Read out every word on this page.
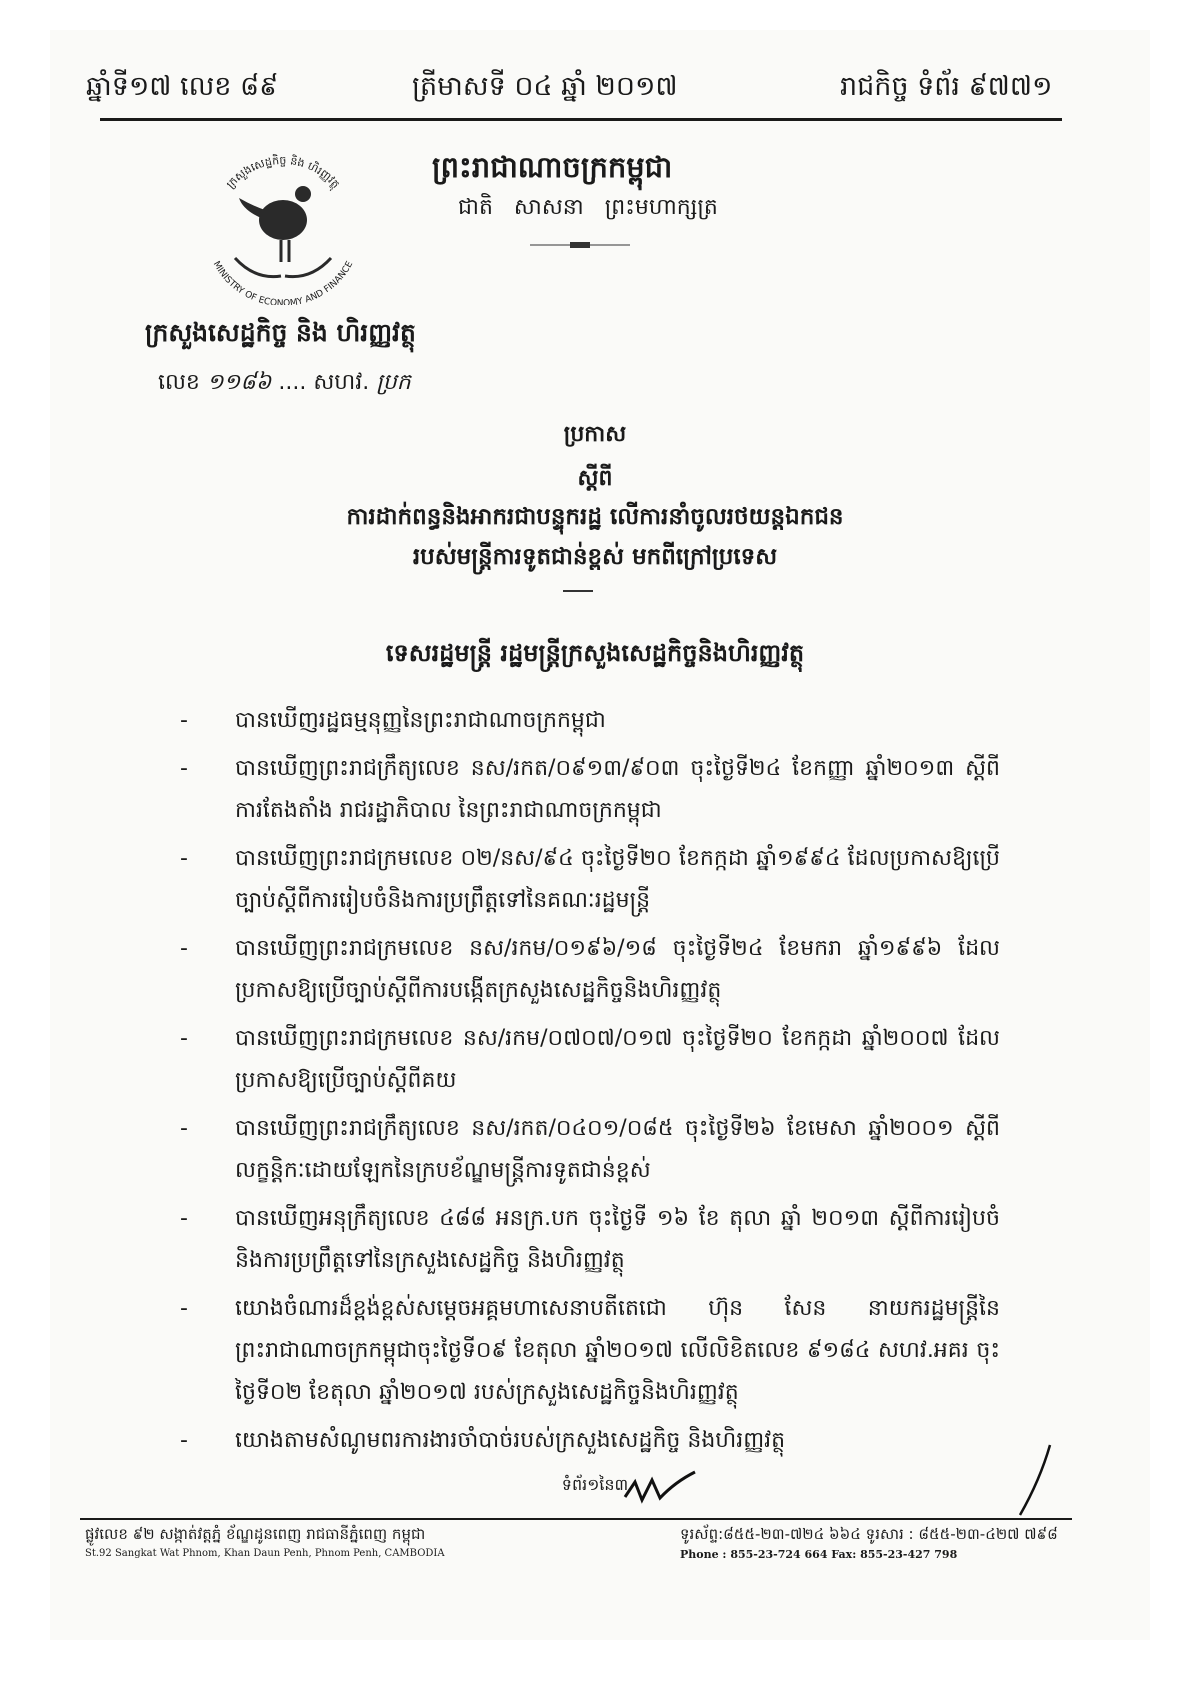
ឆ្នាំទី១៧ លេខ ៨៩	ត្រីមាសទី ០៤ ឆ្នាំ ២០១៧	រាជកិច្ច ទំព័រ ៩៧៧១
ក្រសួងសេដ្ឋកិច្ច និង ហិរញ្ញវត្ថុ
MINISTRY OF ECONOMY AND FINANCE
ព្រះរាជាណាចក្រកម្ពុជា
ជាតិ សាសនា ព្រះមហាក្សត្រ
ក្រសួងសេដ្ឋកិច្ច និង ហិរញ្ញវត្ថុ
លេខ ១១៨៦ .... សហវ. ប្រក
ប្រកាស
ស្ដីពី
ការដាក់ពន្ធនិងអាករជាបន្ទុករដ្ឋ លើការនាំចូលរថយន្តឯកជន
របស់មន្ត្រីការទូតជាន់ខ្ពស់ មកពីក្រៅប្រទេស
ទេសរដ្ឋមន្ត្រី រដ្ឋមន្ត្រីក្រសួងសេដ្ឋកិច្ចនិងហិរញ្ញវត្ថុ
- បានឃើញរដ្ឋធម្មនុញ្ញនៃព្រះរាជាណាចក្រកម្ពុជា
- បានឃើញព្រះរាជក្រឹត្យលេខ នស/រកត/០៩១៣/៩០៣ ចុះថ្ងៃទី២៤ ខែកញ្ញា ឆ្នាំ២០១៣ ស្តីពីការតែងតាំង រាជរដ្ឋាភិបាល នៃព្រះរាជាណាចក្រកម្ពុជា
- បានឃើញព្រះរាជក្រមលេខ ០២/នស/៩៤ ចុះថ្ងៃទី២០ ខែកក្កដា ឆ្នាំ១៩៩៤ ដែលប្រកាសឱ្យប្រើច្បាប់ស្តីពីការរៀបចំនិងការប្រព្រឹត្តទៅនៃគណៈរដ្ឋមន្ត្រី
- បានឃើញព្រះរាជក្រមលេខ នស/រកម/០១៩៦/១៨ ចុះថ្ងៃទី២៤ ខែមករា ឆ្នាំ១៩៩៦ ដែលប្រកាសឱ្យប្រើច្បាប់ស្តីពីការបង្កើតក្រសួងសេដ្ឋកិច្ចនិងហិរញ្ញវត្ថុ
- បានឃើញព្រះរាជក្រមលេខ នស/រកម/០៧០៧/០១៧ ចុះថ្ងៃទី២០ ខែកក្កដា ឆ្នាំ២០០៧ ដែលប្រកាសឱ្យប្រើច្បាប់ស្តីពីគយ
- បានឃើញព្រះរាជក្រឹត្យលេខ នស/រកត/០៤០១/០៨៥ ចុះថ្ងៃទី២៦ ខែមេសា ឆ្នាំ២០០១ ស្តីពីលក្ខន្តិកៈដោយឡែកនៃក្របខ័ណ្ឌមន្ត្រីការទូតជាន់ខ្ពស់
- បានឃើញអនុក្រឹត្យលេខ ៤៨៨ អនក្រ.បក ចុះថ្ងៃទី ១៦ ខែ តុលា ឆ្នាំ ២០១៣ ស្តីពីការរៀបចំ និងការប្រព្រឹត្តទៅនៃក្រសួងសេដ្ឋកិច្ច និងហិរញ្ញវត្ថុ
- យោងចំណារដ៏ខ្ពង់ខ្ពស់សម្តេចអគ្គមហាសេនាបតីតេជោ ហ៊ុន សែន នាយករដ្ឋមន្ត្រីនៃព្រះរាជាណាចក្រកម្ពុជាចុះថ្ងៃទី០៩ ខែតុលា ឆ្នាំ២០១៧ លើលិខិតលេខ ៩១៨៤ សហវ.អគរ ចុះថ្ងៃទី០២ ខែតុលា ឆ្នាំ២០១៧ របស់ក្រសួងសេដ្ឋកិច្ចនិងហិរញ្ញវត្ថុ
- យោងតាមសំណូមពរការងារចាំបាច់របស់ក្រសួងសេដ្ឋកិច្ច និងហិរញ្ញវត្ថុ
ទំព័រ១នៃ៣
ផ្លូវលេខ ៩២ សង្កាត់វត្តភ្នំ ខ័ណ្ឌដូនពេញ រាជធានីភ្នំពេញ កម្ពុជា
St.92 Sangkat Wat Phnom, Khan Daun Penh, Phnom Penh, CAMBODIA
ទូរស័ព្ទ:៨៥៥-២៣-៧២៤ ៦៦៤ ទូរសារ : ៨៥៥-២៣-៤២៧ ៧៩៨
Phone : 855-23-724 664 Fax: 855-23-427 798
